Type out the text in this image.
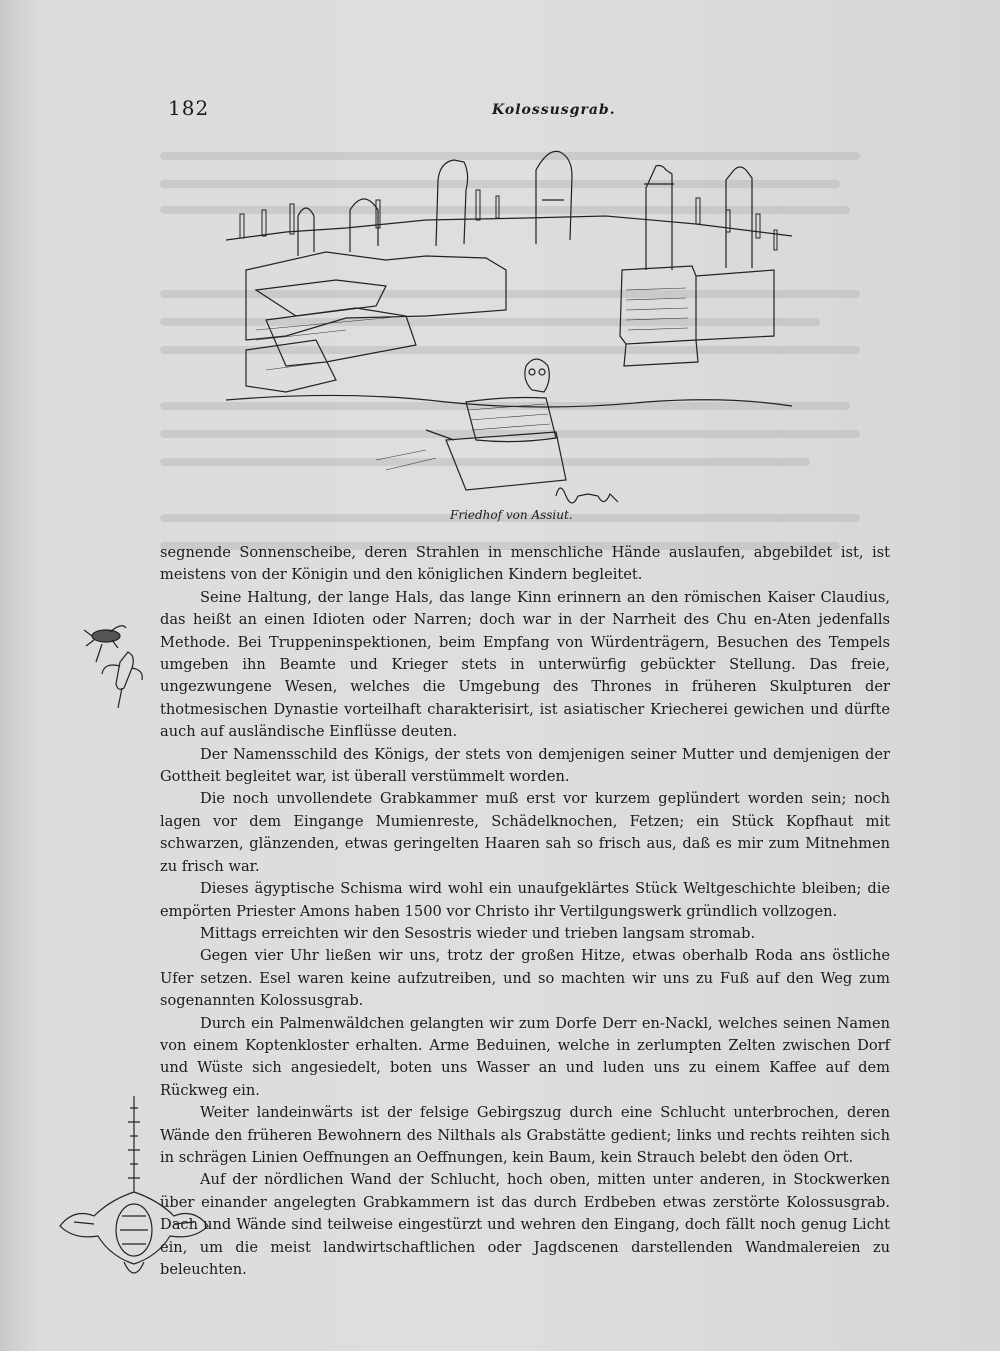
182	Kolossusgrab.
Friedhof von Assiut.

segnende Sonnenscheibe, deren Strahlen in menschliche Hände auslaufen, abgebildet ist, ist meistens von der Königin und den königlichen Kindern begleitet.

Seine Haltung, der lange Hals, das lange Kinn erinnern an den römischen Kaiser Claudius, das heißt an einen Idioten oder Narren; doch war in der Narrheit des Chu en-Aten jedenfalls Methode. Bei Truppeninspektionen, beim Empfang von Würdenträgern, Besuchen des Tempels umgeben ihn Beamte und Krieger stets in unterwürfig gebückter Stellung. Das freie, ungezwungene Wesen, welches die Umgebung des Thrones in früheren Skulpturen der thotmesischen Dynastie vorteilhaft charakterisirt, ist asiatischer Kriecherei gewichen und dürfte auch auf ausländische Einflüsse deuten.

Der Namensschild des Königs, der stets von demjenigen seiner Mutter und demjenigen der Gottheit begleitet war, ist überall verstümmelt worden.

Die noch unvollendete Grabkammer muß erst vor kurzem geplündert worden sein; noch lagen vor dem Eingange Mumienreste, Schädelknochen, Fetzen; ein Stück Kopfhaut mit schwarzen, glänzenden, etwas geringelten Haaren sah so frisch aus, daß es mir zum Mitnehmen zu frisch war.

Dieses ägyptische Schisma wird wohl ein unaufgeklärtes Stück Weltgeschichte bleiben; die empörten Priester Amons haben 1500 vor Christo ihr Vertilgungswerk gründlich vollzogen.

Mittags erreichten wir den Sesostris wieder und trieben langsam stromab.

Gegen vier Uhr ließen wir uns, trotz der großen Hitze, etwas oberhalb Roda ans östliche Ufer setzen. Esel waren keine aufzutreiben, und so machten wir uns zu Fuß auf den Weg zum sogenannten Kolossusgrab.

Durch ein Palmenwäldchen gelangten wir zum Dorfe Derr en-Nackl, welches seinen Namen von einem Koptenkloster erhalten. Arme Beduinen, welche in zerlumpten Zelten zwischen Dorf und Wüste sich angesiedelt, boten uns Wasser an und luden uns zu einem Kaffee auf dem Rückweg ein.

Weiter landeinwärts ist der felsige Gebirgszug durch eine Schlucht unterbrochen, deren Wände den früheren Bewohnern des Nilthals als Grabstätte gedient; links und rechts reihten sich in schrägen Linien Oeffnungen an Oeffnungen, kein Baum, kein Strauch belebt den öden Ort.

Auf der nördlichen Wand der Schlucht, hoch oben, mitten unter anderen, in Stockwerken über einander angelegten Grabkammern ist das durch Erdbeben etwas zerstörte Kolossusgrab. Dach und Wände sind teilweise eingestürzt und wehren den Eingang, doch fällt noch genug Licht ein, um die meist landwirtschaftlichen oder Jagdscenen darstellenden Wandmalereien zu beleuchten.
